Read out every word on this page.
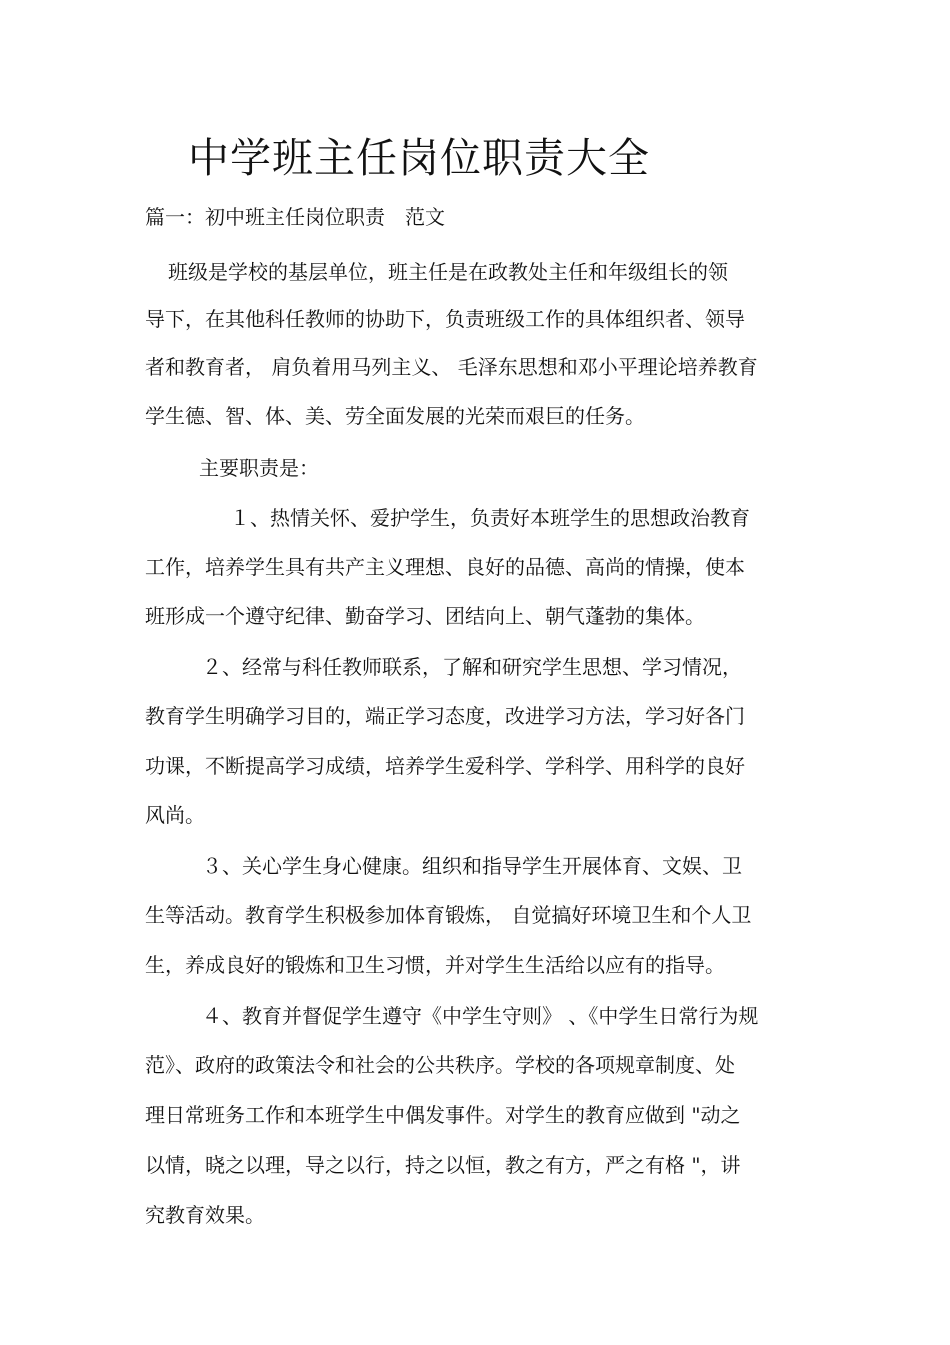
中学班主任岗位职责大全
篇一：初中班主任岗位职责　范文
班级是学校的基层单位，班主任是在政教处主任和年级组长的领
导下，在其他科任教师的协助下，负责班级工作的具体组织者、领导
者和教育者， 肩负着用马列主义、 毛泽东思想和邓小平理论培养教育
学生德、智、体、美、劳全面发展的光荣而艰巨的任务。
主要职责是：
１、热情关怀、爱护学生，负责好本班学生的思想政治教育
工作，培养学生具有共产主义理想、良好的品德、高尚的情操，使本
班形成一个遵守纪律、勤奋学习、团结向上、朝气蓬勃的集体。
２、经常与科任教师联系，了解和研究学生思想、学习情况，
教育学生明确学习目的，端正学习态度，改进学习方法，学习好各门
功课，不断提高学习成绩，培养学生爱科学、学科学、用科学的良好
风尚。
３、关心学生身心健康。组织和指导学生开展体育、文娱、卫
生等活动。教育学生积极参加体育锻炼， 自觉搞好环境卫生和个人卫
生，养成良好的锻炼和卫生习惯，并对学生生活给以应有的指导。
４、教育并督促学生遵守《中学生守则》 、《中学生日常行为规
范》、政府的政策法令和社会的公共秩序。学校的各项规章制度、处
理日常班务工作和本班学生中偶发事件。对学生的教育应做到 "动之
以情，晓之以理，导之以行，持之以恒，教之有方，严之有格 "，讲
究教育效果。
